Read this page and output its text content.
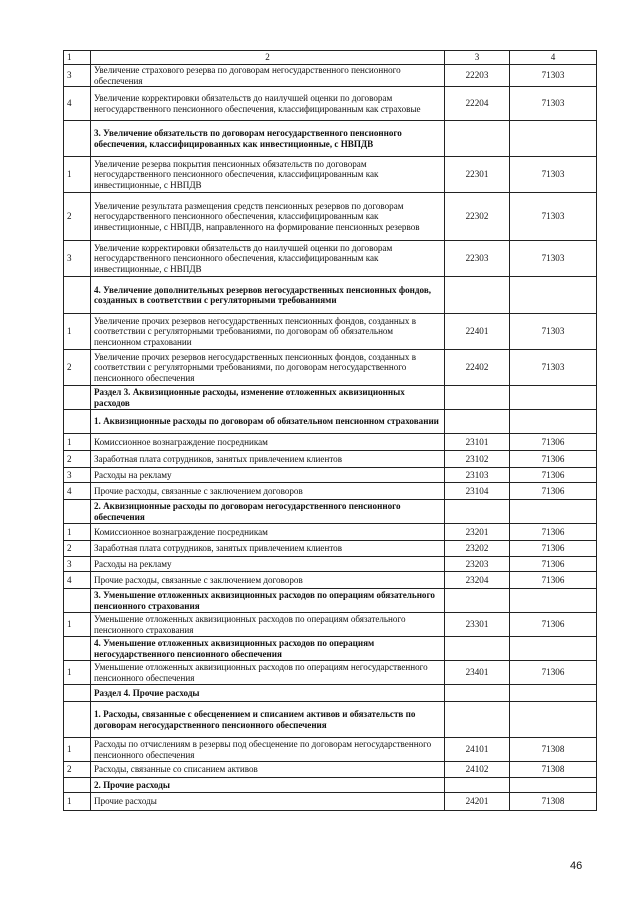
1	2	3	4
3	Увеличение страхового резерва по договорам негосударственного пенсионного обеспечения	22203	71303
4	Увеличение корректировки обязательств до наилучшей оценки по договорам негосударственного пенсионного обеспечения, классифицированным как страховые	22204	71303
	3. Увеличение обязательств по договорам негосударственного пенсионного обеспечения, классифицированных как инвестиционные, с НВПДВ		
1	Увеличение резерва покрытия пенсионных обязательств по договорам негосударственного пенсионного обеспечения, классифицированным как инвестиционные, с НВПДВ	22301	71303
2	Увеличение результата размещения средств пенсионных резервов по договорам негосударственного пенсионного обеспечения, классифицированным как инвестиционные, с НВПДВ, направленного на формирование пенсионных резервов	22302	71303
3	Увеличение корректировки обязательств до наилучшей оценки по договорам негосударственного пенсионного обеспечения, классифицированным как инвестиционные, с НВПДВ	22303	71303
	4. Увеличение дополнительных резервов негосударственных пенсионных фондов, созданных в соответствии с регуляторными требованиями		
1	Увеличение прочих резервов негосударственных пенсионных фондов, созданных в соответствии с регуляторными требованиями, по договорам об обязательном пенсионном страховании	22401	71303
2	Увеличение прочих резервов негосударственных пенсионных фондов, созданных в соответствии с регуляторными требованиями, по договорам негосударственного пенсионного обеспечения	22402	71303
	Раздел 3. Аквизиционные расходы, изменение отложенных аквизиционных расходов		
	1. Аквизиционные расходы по договорам об обязательном пенсионном страховании		
1	Комиссионное вознаграждение посредникам	23101	71306
2	Заработная плата сотрудников, занятых привлечением клиентов	23102	71306
3	Расходы на рекламу	23103	71306
4	Прочие расходы, связанные с заключением договоров	23104	71306
	2. Аквизиционные расходы по договорам негосударственного пенсионного обеспечения		
1	Комиссионное вознаграждение посредникам	23201	71306
2	Заработная плата сотрудников, занятых привлечением клиентов	23202	71306
3	Расходы на рекламу	23203	71306
4	Прочие расходы, связанные с заключением договоров	23204	71306
	3. Уменьшение отложенных аквизиционных расходов по операциям обязательного пенсионного страхования		
1	Уменьшение отложенных аквизиционных расходов по операциям обязательного пенсионного страхования	23301	71306
	4. Уменьшение отложенных аквизиционных расходов по операциям негосударственного пенсионного обеспечения		
1	Уменьшение отложенных аквизиционных расходов по операциям негосударственного пенсионного обеспечения	23401	71306
	Раздел 4. Прочие расходы		
	1. Расходы, связанные с обесценением и списанием активов и обязательств по договорам негосударственного пенсионного обеспечения		
1	Расходы по отчислениям в резервы под обесценение по договорам негосударственного пенсионного обеспечения	24101	71308
2	Расходы, связанные со списанием активов	24102	71308
	2. Прочие расходы		
1	Прочие расходы	24201	71308
46
